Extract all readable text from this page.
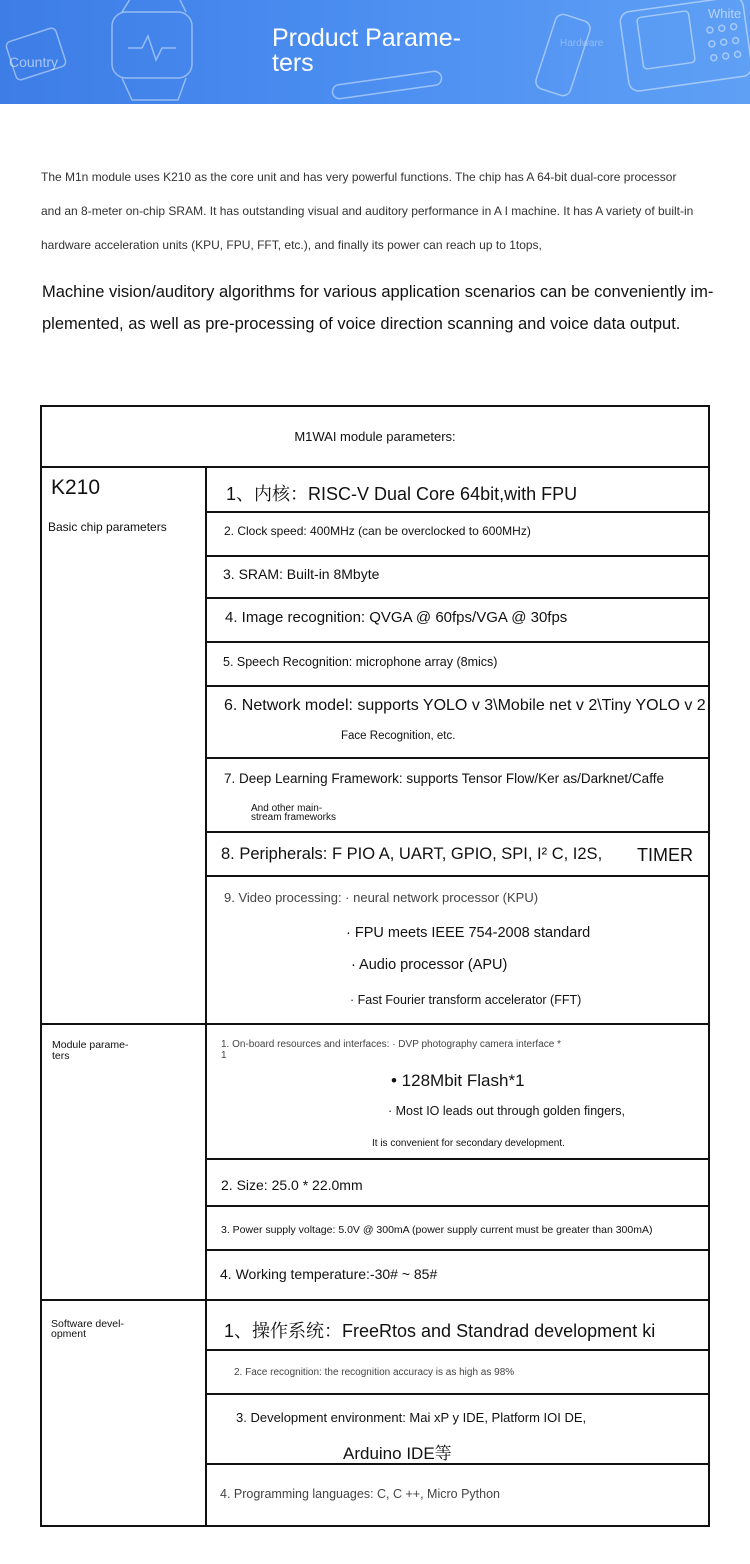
Country
White
Hardware
Product Parame- ters

The M1n module uses K210 as the core unit and has very powerful functions. The chip has A 64-bit dual-core processor

and an 8-meter on-chip SRAM. It has outstanding visual and auditory performance in A I machine. It has A variety of built-in

hardware acceleration units (KPU, FPU, FFT, etc.), and finally its power can reach up to 1tops,

Machine vision/auditory algorithms for various application scenarios can be conveniently im-
plemented, as well as pre-processing of voice direction scanning and voice data output.
M1WAI module parameters:
K210
Basic chip parameters
1、内核：RISC-V Dual Core 64bit,with FPU
2. Clock speed: 400MHz (can be overclocked to 600MHz)
3. SRAM: Built-in 8Mbyte
4. Image recognition: QVGA @ 60fps/VGA @ 30fps
5. Speech Recognition: microphone array (8mics)
6. Network model: supports YOLO v 3\Mobile net v 2\Tiny YOLO v 2
Face Recognition, etc.
7. Deep Learning Framework: supports Tensor Flow/Ker as/Darknet/Caffe
And other main-
stream frameworks
8. Peripherals: F PIO A, UART, GPIO, SPI, I² C, I2S, TIMER
9. Video processing: · neural network processor (KPU)
· FPU meets IEEE 754-2008 standard
· Audio processor (APU)
· Fast Fourier transform accelerator (FFT)
Module parame-
ters
1. On-board resources and interfaces: · DVP photography camera interface *
1
• 128Mbit Flash*1
· Most IO leads out through golden fingers,
It is convenient for secondary development.
2. Size: 25.0 * 22.0mm
3. Power supply voltage: 5.0V @ 300mA (power supply current must be greater than 300mA)
4. Working temperature:-30# ~ 85#
Software devel-
opment	1、操作系统：FreeRtos and Standrad development ki
2. Face recognition: the recognition accuracy is as high as 98%
3. Development environment: Mai xP y IDE, Platform IOI DE,
Arduino IDE等
4. Programming languages: C, C ++, Micro Python
